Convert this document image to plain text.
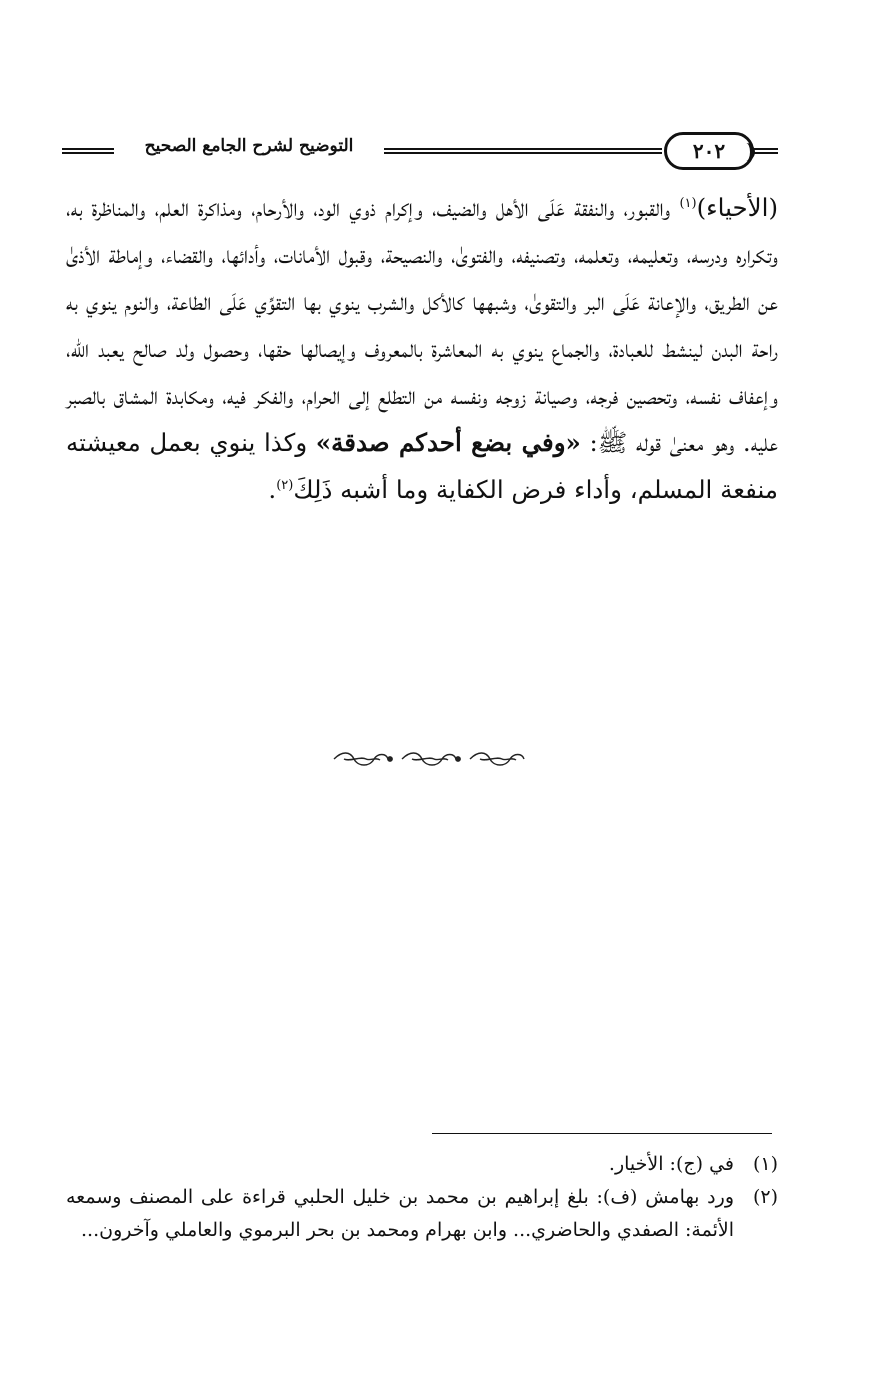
التوضيح لشرح الجامع الصحيح	٢٠٢
(الأحياء)$^{(١)}$ والقبور، والنفقة عَلَى الأهل والضيف، وإكرام ذوي الود، والأرحام، ومذاكرة العلم، والمناظرة به، وتكراره ودرسه، وتعليمه، وتعلمه، وتصنيفه، والفتوىٰ، والنصيحة، وقبول الأمانات، وأدائها، والقضاء، وإماطة الأذىٰ عن الطريق، والإعانة عَلَى البر والتقوىٰ، وشبهها كالأكل والشرب ينوي بها التقوِّي عَلَى الطاعة، والنوم ينوي به راحة البدن لينشط للعبادة، والجماع ينوي به المعاشرة بالمعروف وإيصالها حقها، وحصول ولد صالح يعبد الله، وإعفاف نفسه، وتحصين فرجه، وصيانة زوجه ونفسه من التطلع إلى الحرام، والفكر فيه، ومكابدة المشاق بالصبر عليه. وهو معنىٰ قوله ﷺ: «وفي بضع أحدكم صدقة» وكذا ينوي بعمل معيشته منفعة المسلم، وأداء فرض الكفاية وما أشبه ذَلِكَ$^{(٢)}$.
(١)
في (ج): الأخيار.
(٢)
ورد بهامش (ف): بلغ إبراهيم بن محمد بن خليل الحلبي قراءة على المصنف وسمعه الأئمة: الصفدي والحاضري... وابن بهرام ومحمد بن بحر البرموي والعاملي وآخرون...
